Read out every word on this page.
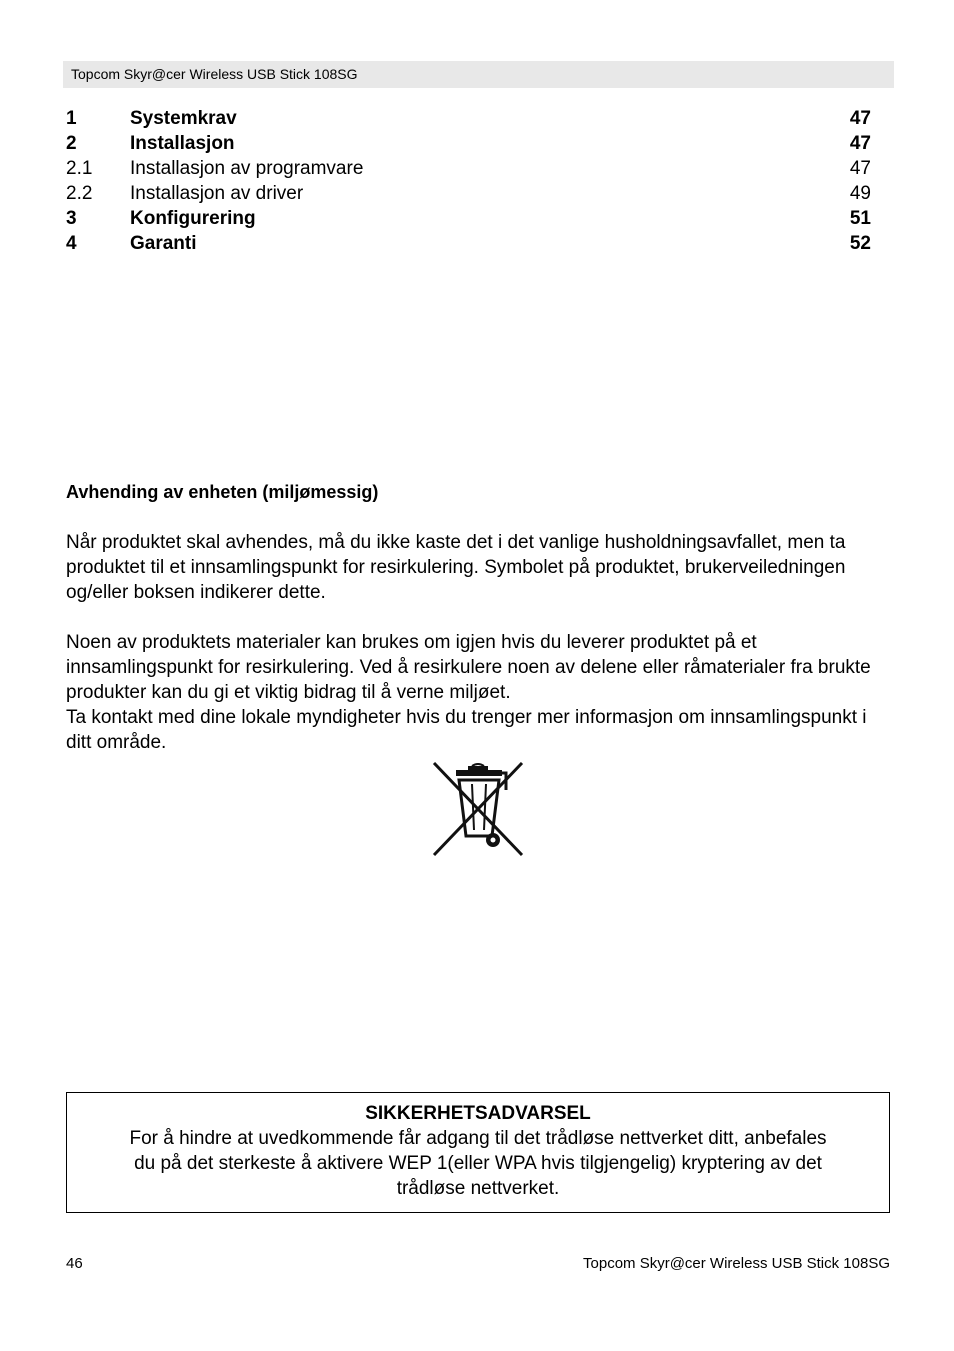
Topcom Skyr@cer Wireless USB Stick 108SG
1	Systemkrav	47
2	Installasjon	47
2.1 Installasjon av programvare	47
2.2 Installasjon av driver	49
3	Konfigurering	51
4	Garanti	52
Avhending av enheten (miljømessig)

Når produktet skal avhendes, må du ikke kaste det i det vanlige husholdningsavfallet, men ta produktet til et innsamlingspunkt for resirkulering. Symbolet på produktet, brukerveiledningen og/eller boksen indikerer dette.

Noen av produktets materialer kan brukes om igjen hvis du leverer produktet på et innsamlingspunkt for resirkulering. Ved å resirkulere noen av delene eller råmaterialer fra brukte produkter kan du gi et viktig bidrag til å verne miljøet.
Ta kontakt med dine lokale myndigheter hvis du trenger mer informasjon om innsamlingspunkt i ditt område.
SIKKERHETSADVARSEL
For å hindre at uvedkommende får adgang til det trådløse nettverket ditt, anbefales du på det sterkeste å aktivere WEP 1(eller WPA hvis tilgjengelig) kryptering av det trådløse nettverket.
46	Topcom Skyr@cer Wireless USB Stick 108SG
